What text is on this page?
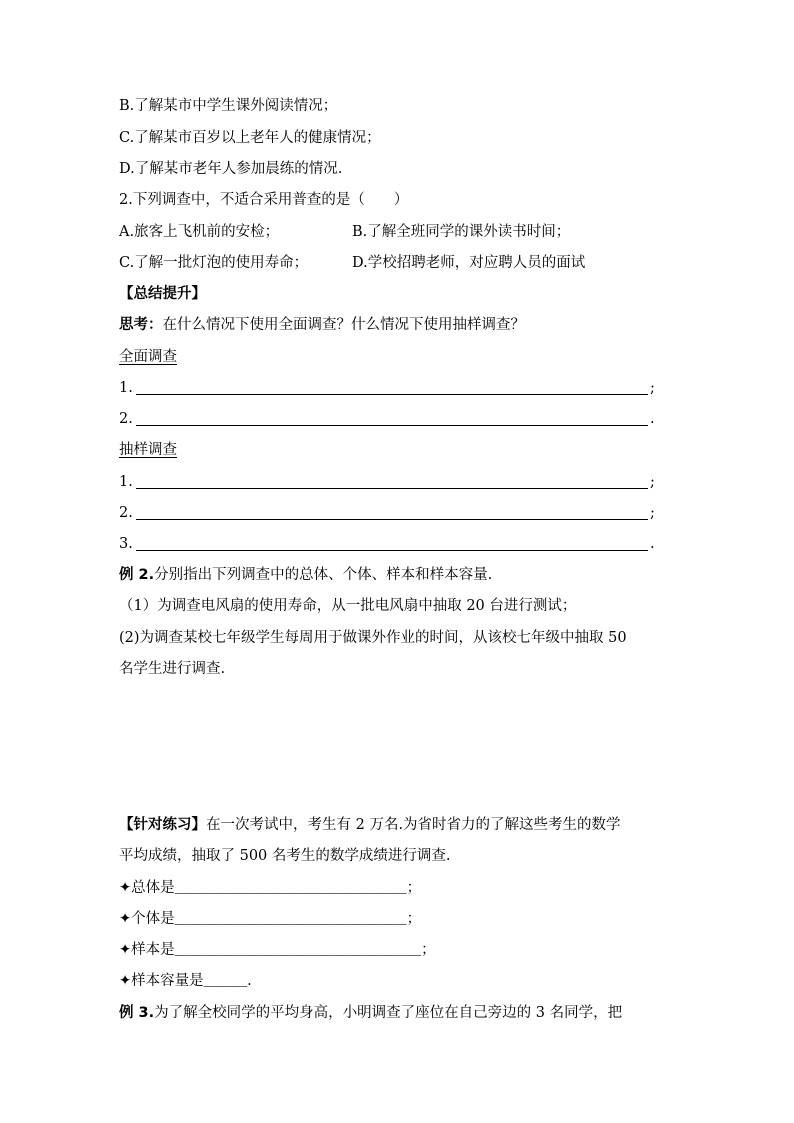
B.了解某市中学生课外阅读情况；
C.了解某市百岁以上老年人的健康情况；
D.了解某市老年人参加晨练的情况.
2.下列调查中，不适合采用普查的是（　　）
A.旅客上飞机前的安检；	B.了解全班同学的课外读书时间；
C.了解一批灯泡的使用寿命；	D.学校招聘老师，对应聘人员的面试
【总结提升】
思考：在什么情况下使用全面调查？什么情况下使用抽样调查？
全面调查
1.	;
2.	.
抽样调查
1.	;
2.	;
3.	.
例 2.分别指出下列调查中的总体、个体、样本和样本容量.
（1）为调查电风扇的使用寿命，从一批电风扇中抽取 20 台进行测试；
(2)为调查某校七年级学生每周用于做课外作业的时间，从该校七年级中抽取 50
名学生进行调查.
【针对练习】在一次考试中，考生有 2 万名.为省时省力的了解这些考生的数学
平均成绩，抽取了 500 名考生的数学成绩进行调查.
✦总体是＿＿＿＿＿＿＿＿＿＿＿＿＿＿＿＿；
✦个体是＿＿＿＿＿＿＿＿＿＿＿＿＿＿＿＿；
✦样本是＿＿＿＿＿＿＿＿＿＿＿＿＿＿＿＿＿；
✦样本容量是＿＿＿.
例 3.为了解全校同学的平均身高，小明调查了座位在自己旁边的 3 名同学，把
